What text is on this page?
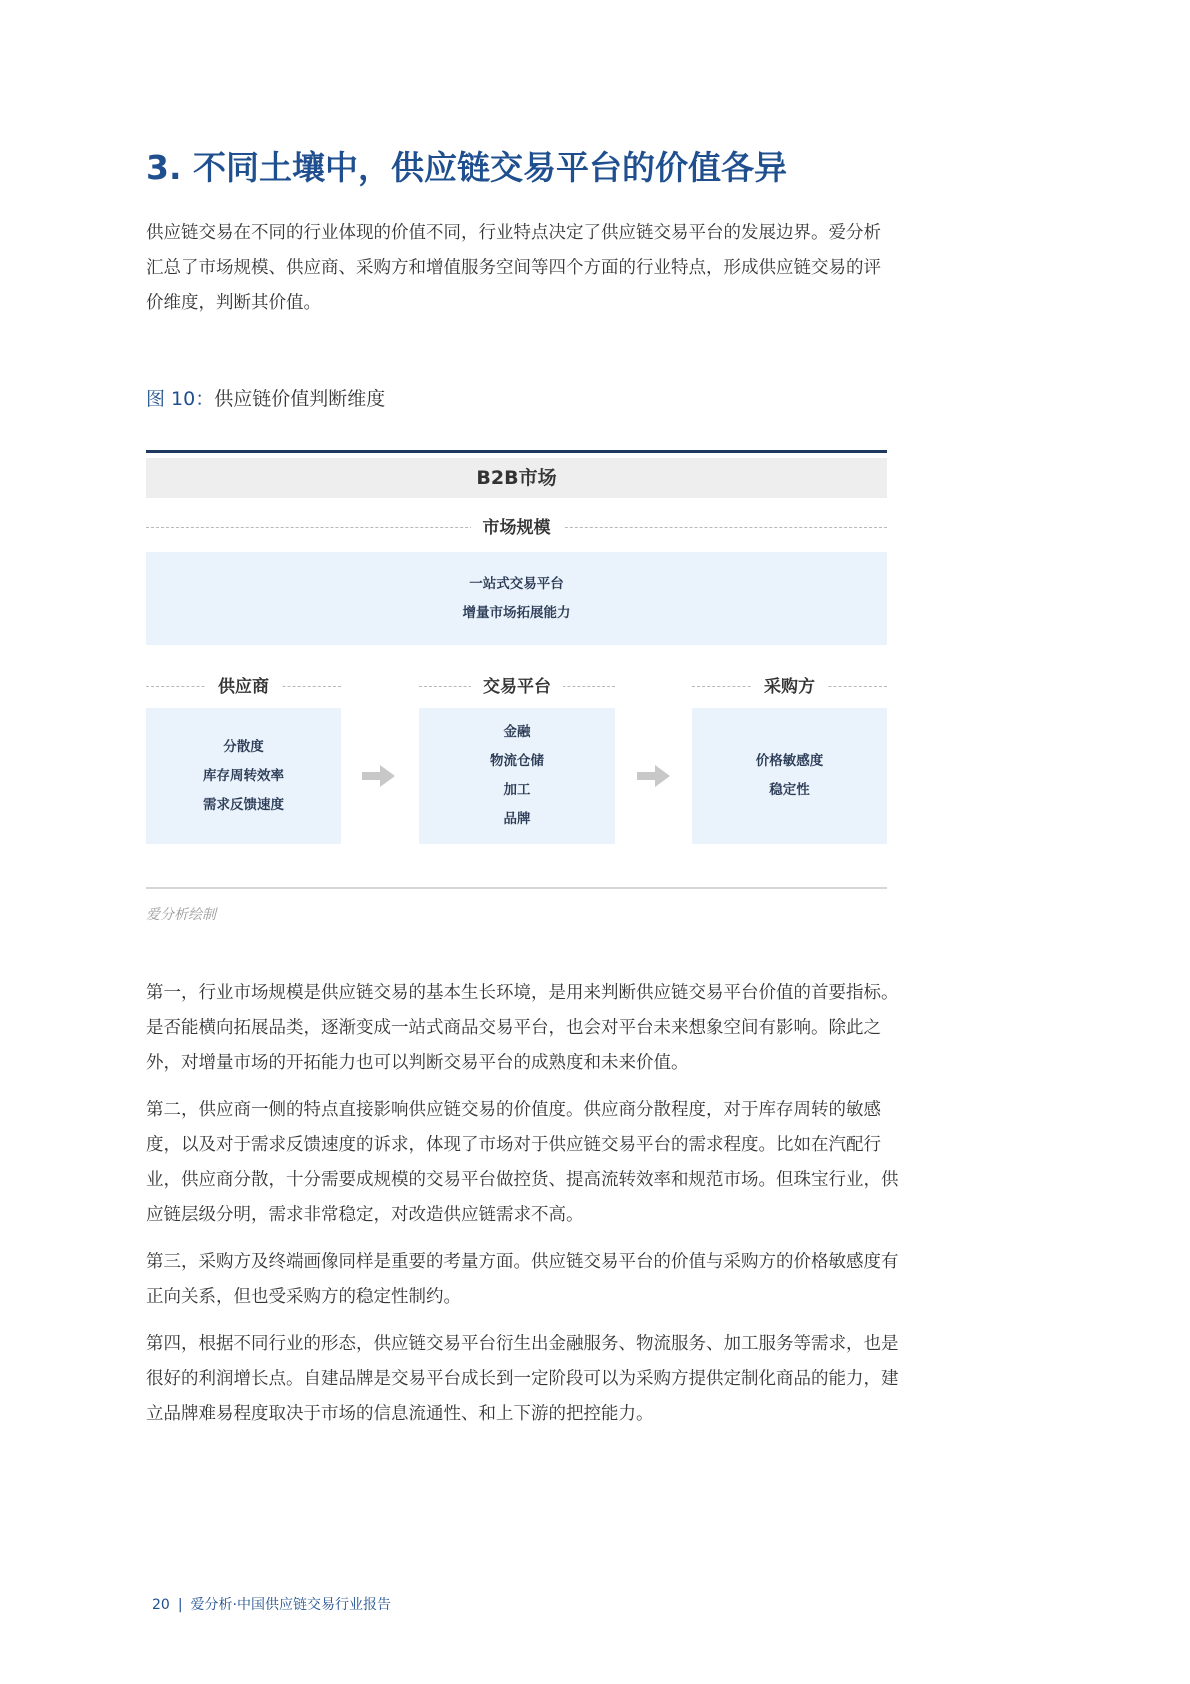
3. 不同土壤中，供应链交易平台的价值各异
供应链交易在不同的行业体现的价值不同，行业特点决定了供应链交易平台的发展边界。爱分析汇总了市场规模、供应商、采购方和增值服务空间等四个方面的行业特点，形成供应链交易的评价维度，判断其价值。
图 10：供应链价值判断维度
B2B市场
市场规模
一站式交易平台
增量市场拓展能力
供应商	交易平台	采购方
分散度
库存周转效率
需求反馈速度
金融
物流仓储
加工
品牌
价格敏感度
稳定性
爱分析绘制

第一，行业市场规模是供应链交易的基本生长环境，是用来判断供应链交易平台价值的首要指标。是否能横向拓展品类，逐渐变成一站式商品交易平台，也会对平台未来想象空间有影响。除此之外，对增量市场的开拓能力也可以判断交易平台的成熟度和未来价值。

第二，供应商一侧的特点直接影响供应链交易的价值度。供应商分散程度，对于库存周转的敏感度，以及对于需求反馈速度的诉求，体现了市场对于供应链交易平台的需求程度。比如在汽配行业，供应商分散，十分需要成规模的交易平台做控货、提高流转效率和规范市场。但珠宝行业，供应链层级分明，需求非常稳定，对改造供应链需求不高。

第三，采购方及终端画像同样是重要的考量方面。供应链交易平台的价值与采购方的价格敏感度有正向关系，但也受采购方的稳定性制约。

第四，根据不同行业的形态，供应链交易平台衍生出金融服务、物流服务、加工服务等需求，也是很好的利润增长点。自建品牌是交易平台成长到一定阶段可以为采购方提供定制化商品的能力，建立品牌难易程度取决于市场的信息流通性、和上下游的把控能力。

20 | 爱分析·中国供应链交易行业报告
